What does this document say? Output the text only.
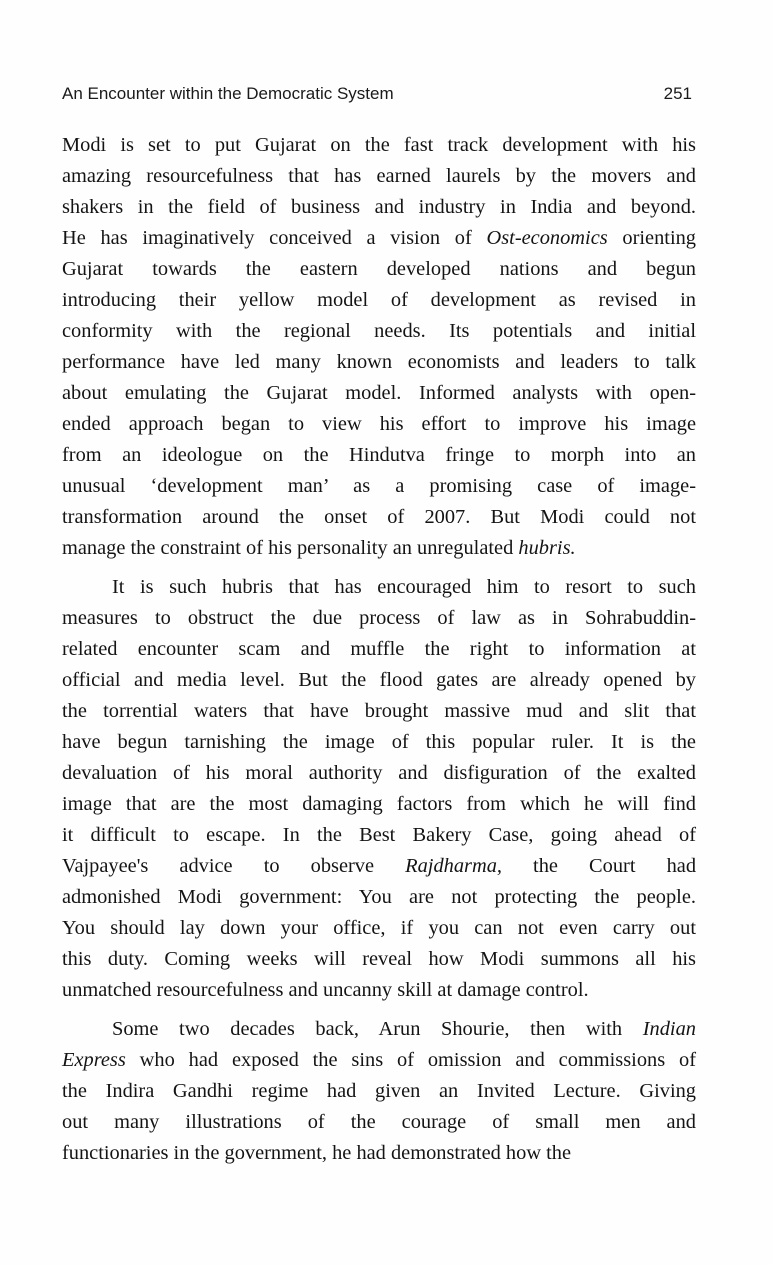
An Encounter within the Democratic System	251

Modi is set to put Gujarat on the fast track development with his
amazing resourcefulness that has earned laurels by the movers and
shakers in the field of business and industry in India and beyond.
He has imaginatively conceived a vision of Ost-economics orienting
Gujarat towards the eastern developed nations and begun
introducing their yellow model of development as revised in
conformity with the regional needs. Its potentials and initial
performance have led many known economists and leaders to talk
about emulating the Gujarat model. Informed analysts with open-
ended approach began to view his effort to improve his image
from an ideologue on the Hindutva fringe to morph into an
unusual ‘development man’ as a promising case of image-
transformation around the onset of 2007. But Modi could not
manage the constraint of his personality an unregulated hubris.

It is such hubris that has encouraged him to resort to such
measures to obstruct the due process of law as in Sohrabuddin-
related encounter scam and muffle the right to information at
official and media level. But the flood gates are already opened by
the torrential waters that have brought massive mud and slit that
have begun tarnishing the image of this popular ruler. It is the
devaluation of his moral authority and disfiguration of the exalted
image that are the most damaging factors from which he will find
it difficult to escape. In the Best Bakery Case, going ahead of
Vajpayee's advice to observe Rajdharma, the Court had
admonished Modi government: You are not protecting the people.
You should lay down your office, if you can not even carry out
this duty. Coming weeks will reveal how Modi summons all his
unmatched resourcefulness and uncanny skill at damage control.

Some two decades back, Arun Shourie, then with Indian
Express who had exposed the sins of omission and commissions of
the Indira Gandhi regime had given an Invited Lecture. Giving
out many illustrations of the courage of small men and
functionaries in the government, he had demonstrated how the
